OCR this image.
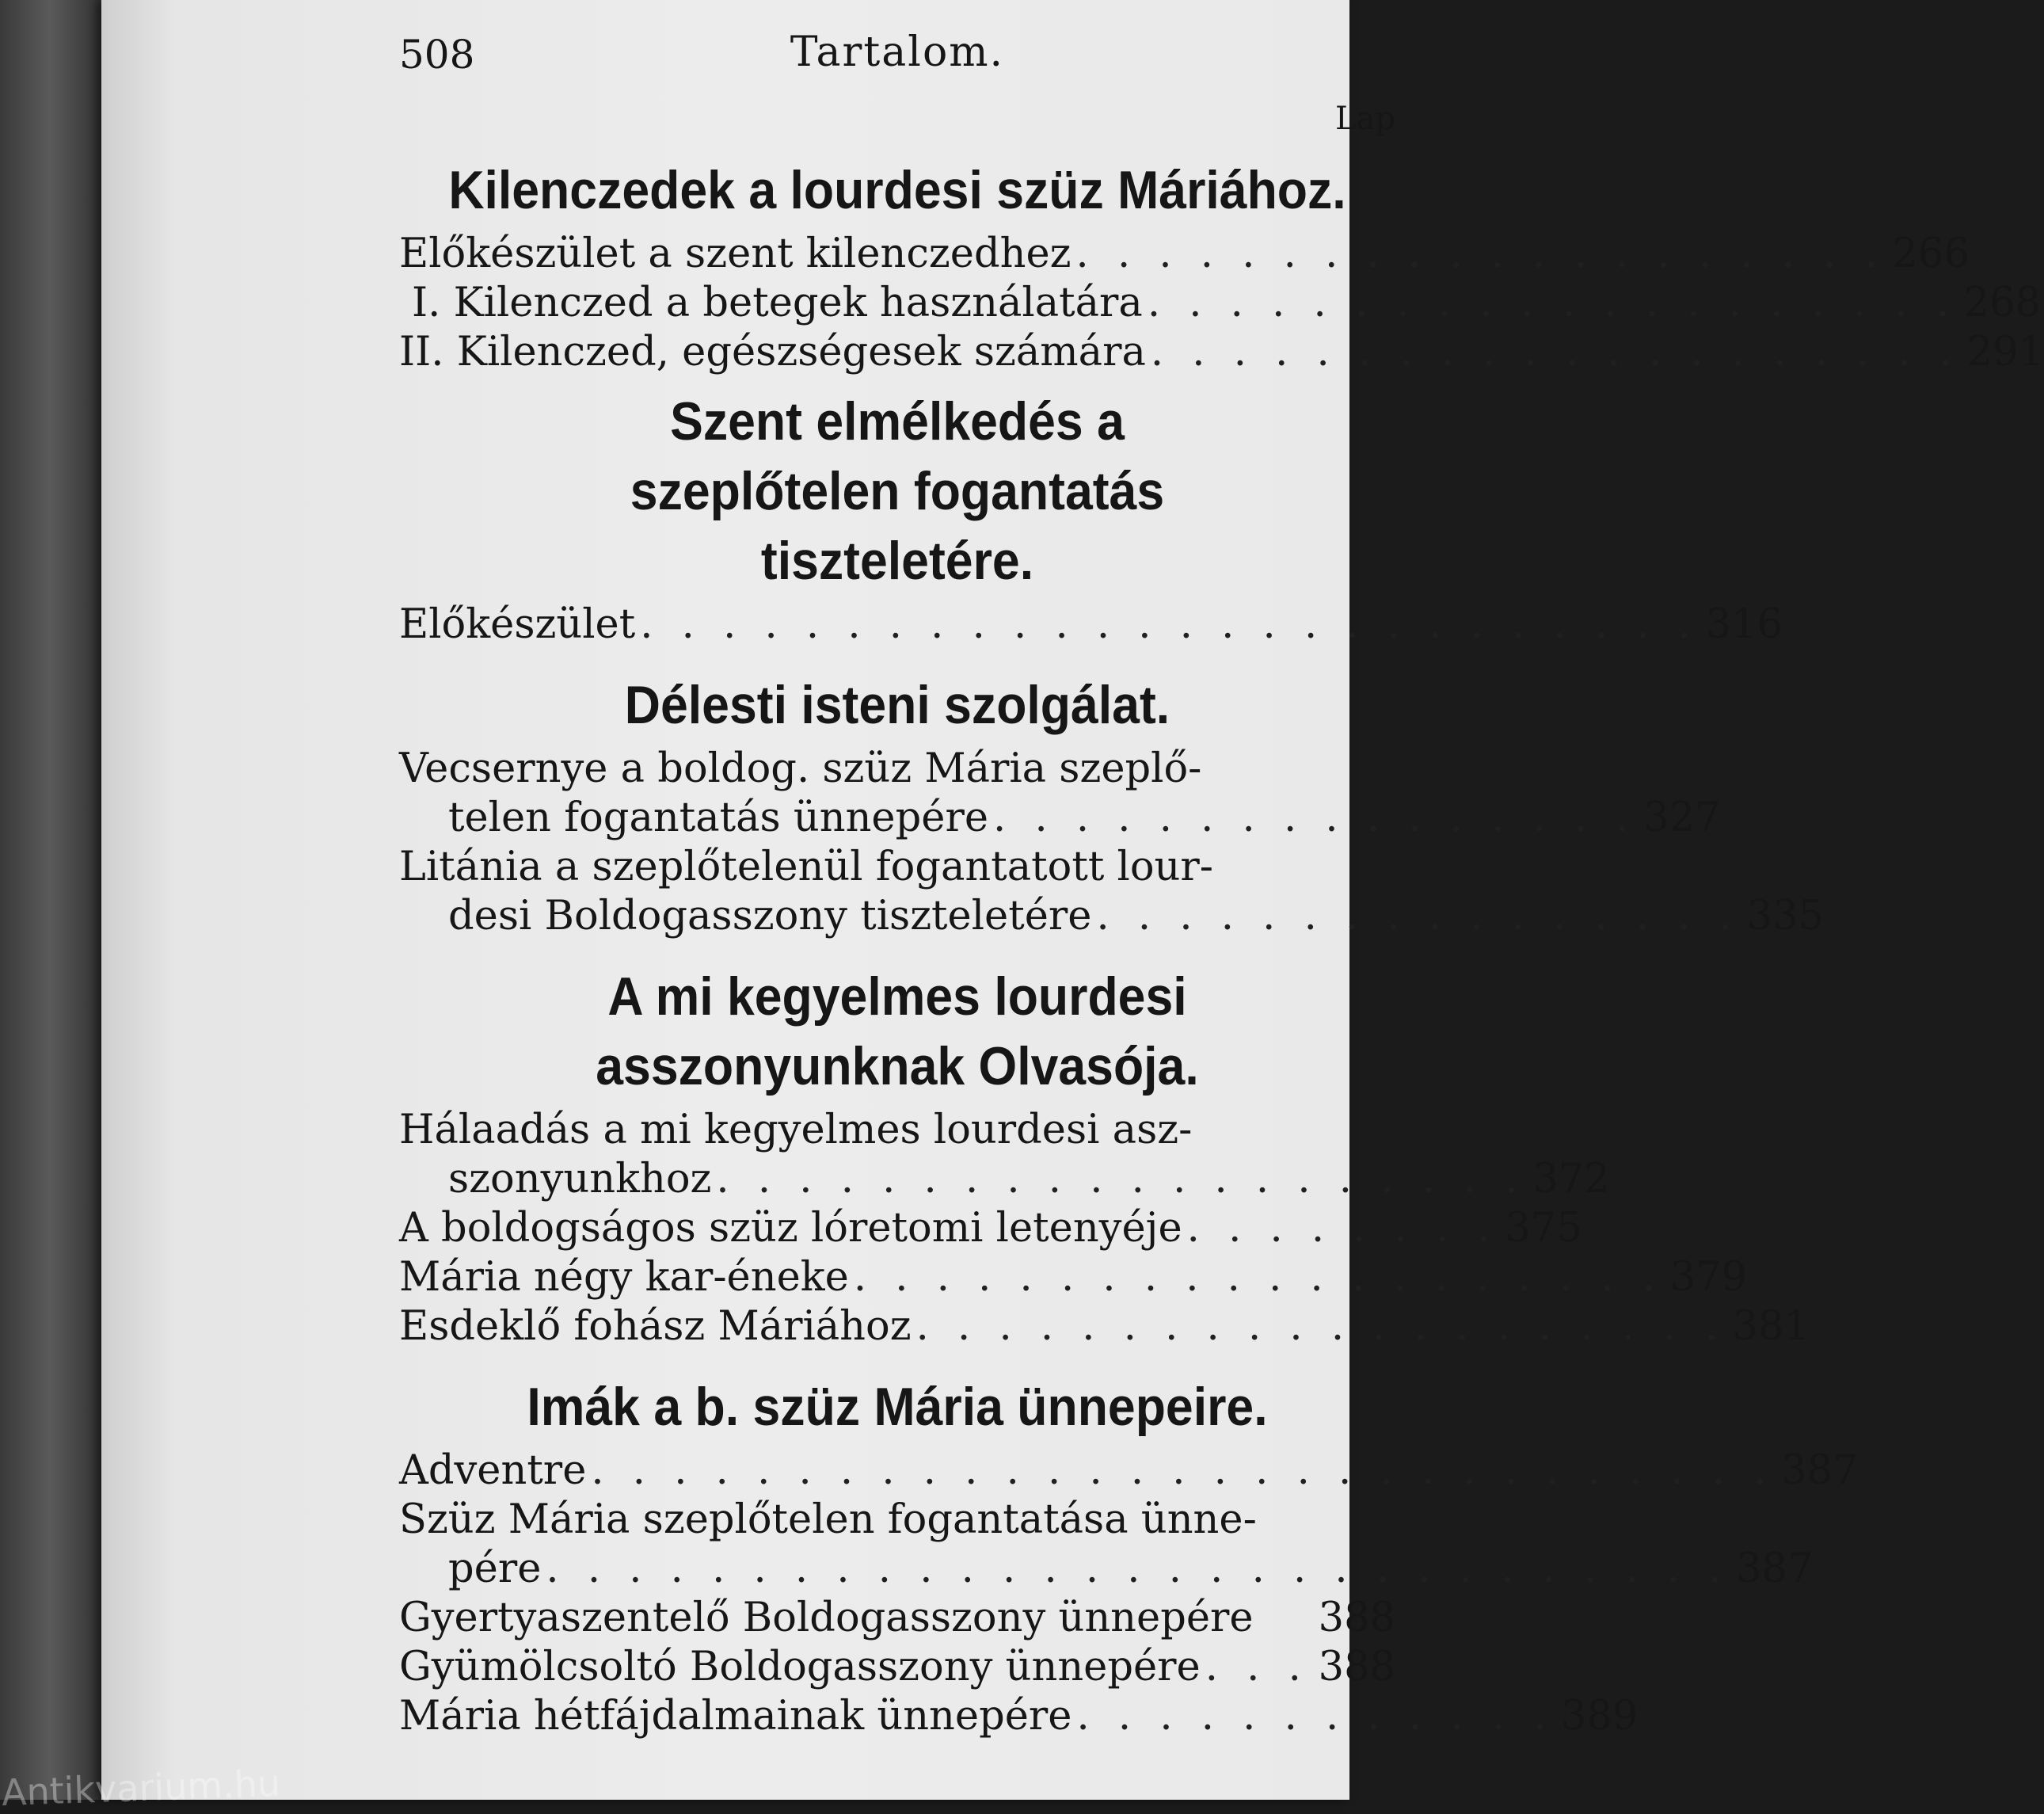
508	Tartalom.
Lap
Kilenczedek a lourdesi szüz Máriához.
Előkészület a szent kilenczedhez . . . . . . . . . . . . . . . . . . . . 266
I. Kilenczed a betegek használatára . . . . . . . . . . . . . . . . . . . . 268
II. Kilenczed, egészségesek számára . . . . . . . . . . . . . . . . . . . . 291
Szent elmélkedés a szeplőtelen fogantatás tiszteletére.
Előkészület . . . . . . . . . . . . . . . . . . . . . . . . . . 316
Délesti isteni szolgálat.
Vecsernye a boldog. szüz Mária szeplő-
telen fogantatás ünnepére . . . . . . . . . . . . . . . . 327
Litánia a szeplőtelenül fogantatott lour-
desi Boldogasszony tiszteletére . . . . . . . . . . . . . . . . 335
A mi kegyelmes lourdesi asszonyunknak Olvasója.
Hálaadás a mi kegyelmes lourdesi asz-
szonyunkhoz . . . . . . . . . . . . . . . . . . . . 372
A boldogságos szüz lóretomi letenyéje . . . . . . . . 375
Mária négy kar-éneke . . . . . . . . . . . . . . . . . . . . 379
Esdeklő fohász Máriához . . . . . . . . . . . . . . . . . . . . 381
Imák a b. szüz Mária ünnepeire.
Adventre . . . . . . . . . . . . . . . . . . . . . . . . . . . . . 387
Szüz Mária szeplőtelen fogantatása ünne-
pére . . . . . . . . . . . . . . . . . . . . . . . . . . . . . 387
Gyertyaszentelő Boldogasszony ünnepére 388
Gyümölcsoltó Boldogasszony ünnepére . . . 388
Mária hétfájdalmainak ünnepére . . . . . . . . . . . . 389
Antikvarium.hu
